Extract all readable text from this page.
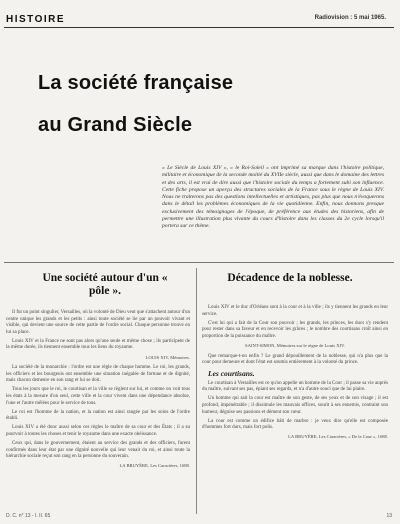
HISTOIRE	Radiovision : 5 mai 1965.
La société française
au Grand Siècle

« Le Siècle de Louis XIV », « le Roi-Soleil » ont imprimé sa marque dans l'histoire politique, militaire et économique de la seconde moitié du XVIIe siècle, aussi que dans le domaine des lettres et des arts, il est vrai de dire aussi que l'histoire sociale du temps a fortement subi son influence. Cette fiche propose un aperçu des structures sociales de la France sous le règne de Louis XIV. Nous ne traiterons pas des questions intellectuelles et artistiques, pas plus que nous n'évoquerons dans le détail les problèmes économiques de la vie quotidienne. Enfin, nous donnons presque exclusivement des témoignages de l'époque, de préférence aux études des historiens, afin de permettre une illustration plus vivante du cours d'histoire dans les classes du 2e cycle lorsqu'il portera sur ce thème.

Une société autour d'un « pôle ».
Décadence de la noblesse.

Il fut un point singulier, Versailles, où la volonté de Dieu veut que s'attachent autour d'un centre unique les grands et les petits : ainsi toute société se lie par un pouvoir vivant et visible, qui devient une source de cette partie de l'ordre social. Chaque personne trouve en lui sa place.

Louis XIV et la France ne sont pas alors qu'une seule et même chose ; ils participent de la même durée, ils tiennent ensemble tous les liens du royaume.

LOUIS XIV, Mémoires.

La société de la monarchie : l'ordre est une règle de chaque homme. Le roi, les grands, les officiers et les bourgeois ont ensemble une situation inégalée de fortune et de dignité, mais chacun demeure en son rang et lui se doit.

Tous les jours que le roi, le courtisan et la ville se règlent sur lui, et comme on voit tous les états à la mesure d'un seul, cette ville et la cour vivent dans une dépendance absolue, l'une et l'autre mêlées pour le service de tous.

Le roi est l'homme de la nation, et la nation est ainsi rangée par les soins de l'ordre établi.

Louis XIV a été donc aussi selon ces règles le maître de sa cour et des États ; il a su pourvoir à toutes les choses et tenir le royaume dans une exacte obéissance.

Ceux qui, dans le gouvernement, étaient au service des grands et des officiers, furent confirmés dans leur état par une dignité nouvelle qui leur venait du roi, et ainsi toute la hiérarchie sociale reçut son rang en la personne du souverain.

LA BRUYÈRE, Les Caractères, 1688.

Louis XIV et le duc d'Orléans sont à la cour et à la ville ; ils y tiennent les grands en leur service.

C'est lui qui a fait de la Cour son pouvoir ; les grands, les princes, les ducs s'y rendent pour rester dans sa faveur et en recevoir les grâces ; le nombre des courtisans croît ainsi en proportion de la puissance du maître.

SAINT-SIMON, Mémoires sur le règne de Louis XIV.

Que remarque-t-on enfin ? Le grand dépouillement de la noblesse, qui n'a plus que la cour pour demeure et dont l'état est soumis entièrement à la volonté du prince.

Les courtisans.

Le courtisan à Versailles est ce qu'on appelle un homme de la Cour ; il passe sa vie auprès du maître, suivant ses pas, épiant ses regards, et n'a d'autre souci que de lui plaire.

Un homme qui sait la cour est maître de son geste, de ses yeux et de son visage ; il est profond, impénétrable ; il dissimule les mauvais offices, sourit à ses ennemis, contraint son humeur, déguise ses passions et dément son cœur.

La cour est comme un édifice bâti de marbre : je veux dire qu'elle est composée d'hommes fort durs, mais fort polis.

LA BRUYÈRE, Les Caractères, « De la Cour », 1688.

D. C. n° 13 - I. II. 65	13
